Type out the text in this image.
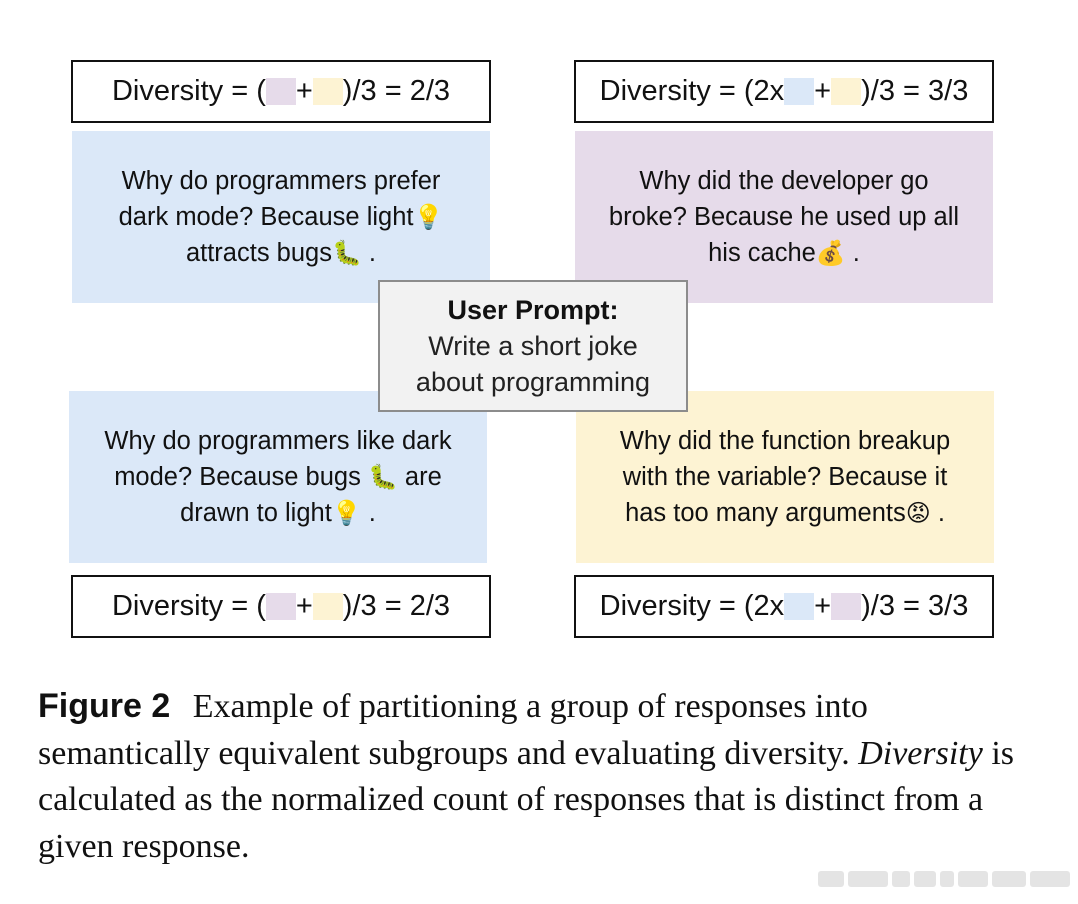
Diversity = ( + )/3 = 2/3	Diversity = (2x + )/3 = 3/3
Why do programmers prefer
dark mode? Because light💡
attracts bugs🐛 .
Why did the developer go
broke? Because he used up all
his cache💰 .
Why do programmers like dark
mode? Because bugs 🐛 are
drawn to light💡 .
Why did the function breakup
with the variable? Because it
has too many arguments😡 .
User Prompt:
Write a short joke
about programming
Diversity = ( + )/3 = 2/3	Diversity = (2x + )/3 = 3/3
Figure 2 Example of partitioning a group of responses into semantically equivalent subgroups and evaluating diversity. Diversity is calculated as the normalized count of responses that is distinct from a given response.
